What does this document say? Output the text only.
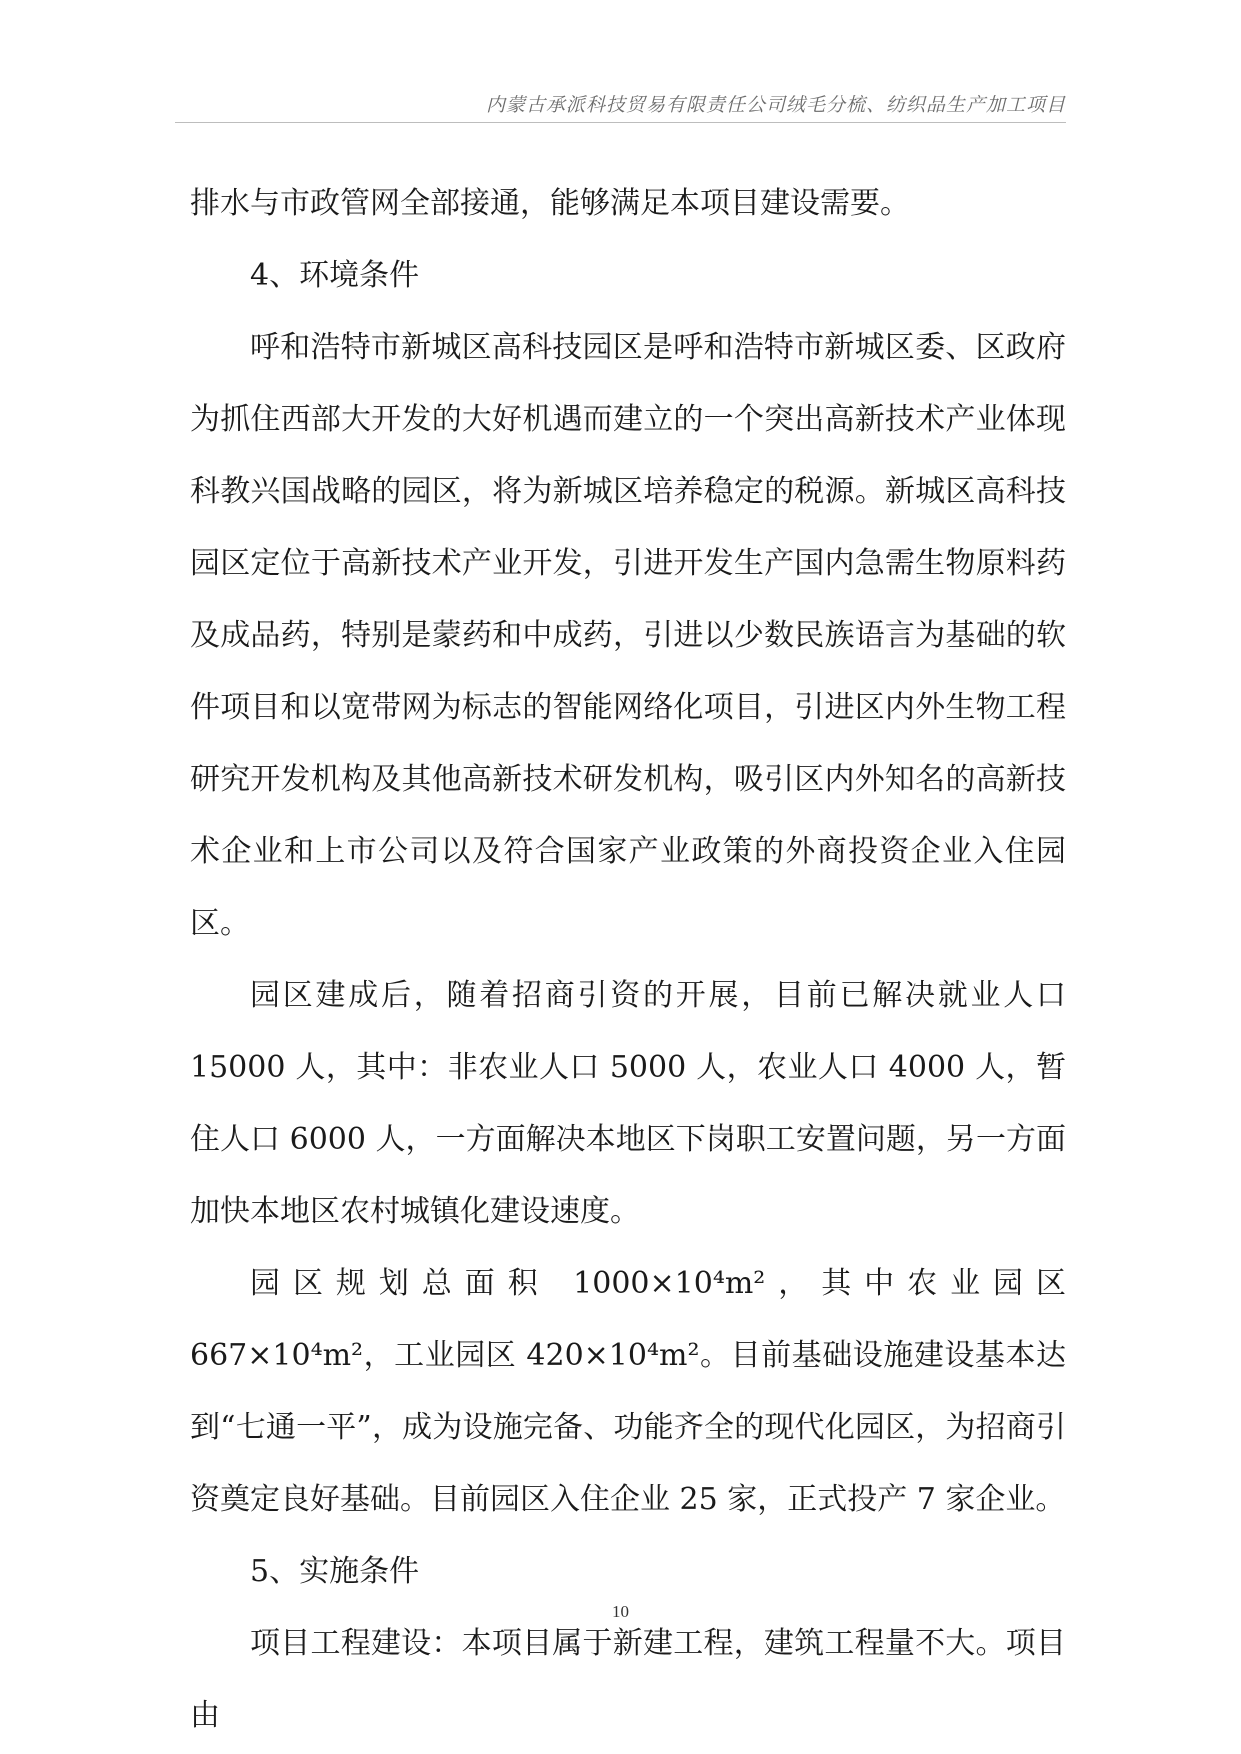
内蒙古承派科技贸易有限责任公司绒毛分梳、纺织品生产加工项目

排水与市政管网全部接通，能够满足本项目建设需要。

4、环境条件

呼和浩特市新城区高科技园区是呼和浩特市新城区委、区政府为抓住西部大开发的大好机遇而建立的一个突出高新技术产业体现科教兴国战略的园区，将为新城区培养稳定的税源。新城区高科技园区定位于高新技术产业开发，引进开发生产国内急需生物原料药及成品药，特别是蒙药和中成药，引进以少数民族语言为基础的软件项目和以宽带网为标志的智能网络化项目，引进区内外生物工程研究开发机构及其他高新技术研发机构，吸引区内外知名的高新技术企业和上市公司以及符合国家产业政策的外商投资企业入住园区。

园区建成后，随着招商引资的开展，目前已解决就业人口 15000 人，其中：非农业人口 5000 人，农业人口 4000 人，暂住人口 6000 人，一方面解决本地区下岗职工安置问题，另一方面加快本地区农村城镇化建设速度。

园区规划总面积 1000×10⁴m²，其中农业园区 667×10⁴m²，工业园区 420×10⁴m²。目前基础设施建设基本达到“七通一平”，成为设施完备、功能齐全的现代化园区，为招商引资奠定良好基础。目前园区入住企业 25 家，正式投产 7 家企业。

5、实施条件

项目工程建设：本项目属于新建工程，建筑工程量不大。项目由

10
